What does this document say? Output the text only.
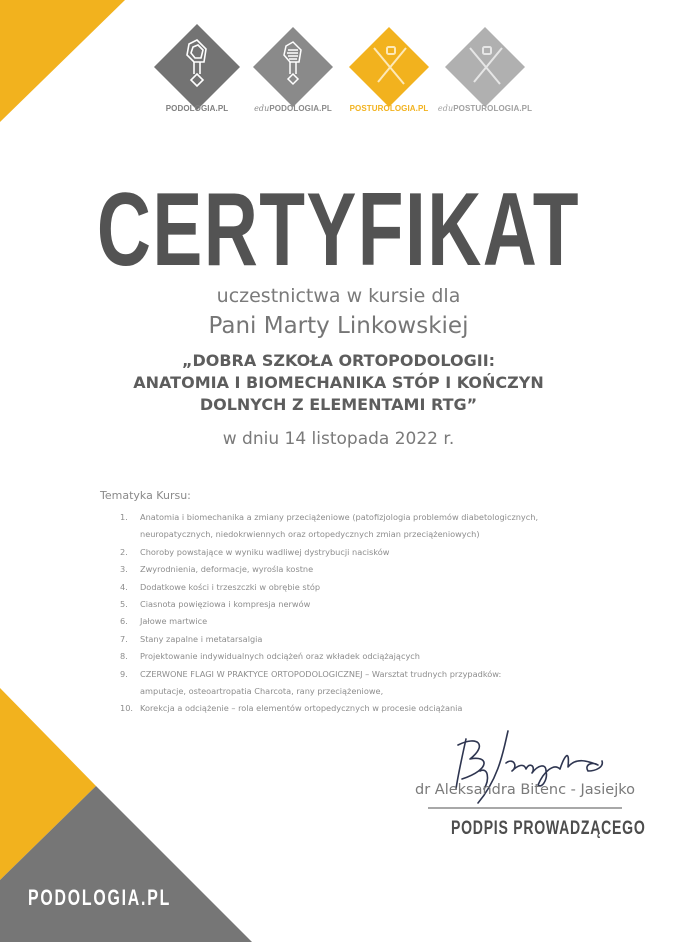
PODOLOGIA.PL	eduPODOLOGIA.PL	POSTUROLOGIA.PL	eduPOSTUROLOGIA.PL
CERTYFIKAT
uczestnictwa w kursie dla
Pani Marty Linkowskiej
„DOBRA SZKOŁA ORTOPODOLOGII:
ANATOMIA I BIOMECHANIKA STÓP I KOŃCZYN
DOLNYCH Z ELEMENTAMI RTG”
w dniu 14 listopada 2022 r.
Tematyka Kursu:
1.	Anatomia i biomechanika a zmiany przeciążeniowe (patofizjologia problemów diabetologicznych,
neuropatycznych, niedokrwiennych oraz ortopedycznych zmian przeciążeniowych)
2.	Choroby powstające w wyniku wadliwej dystrybucji nacisków
3.	Zwyrodnienia, deformacje, wyrośla kostne
4.	Dodatkowe kości i trzeszczki w obrębie stóp
5.	Ciasnota powięziowa i kompresja nerwów
6.	Jałowe martwice
7.	Stany zapalne i metatarsalgia
8.	Projektowanie indywidualnych odciążeń oraz wkładek odciążających
9.	CZERWONE FLAGI W PRAKTYCE ORTOPODOLOGICZNEJ – Warsztat trudnych przypadków:
amputacje, osteoartropatia Charcota, rany przeciążeniowe,
10. Korekcja a odciążenie – rola elementów ortopedycznych w procesie odciążania
dr Aleksandra Bitenc - Jasiejko
PODPIS PROWADZĄCEGO
PODOLOGIA.PL
